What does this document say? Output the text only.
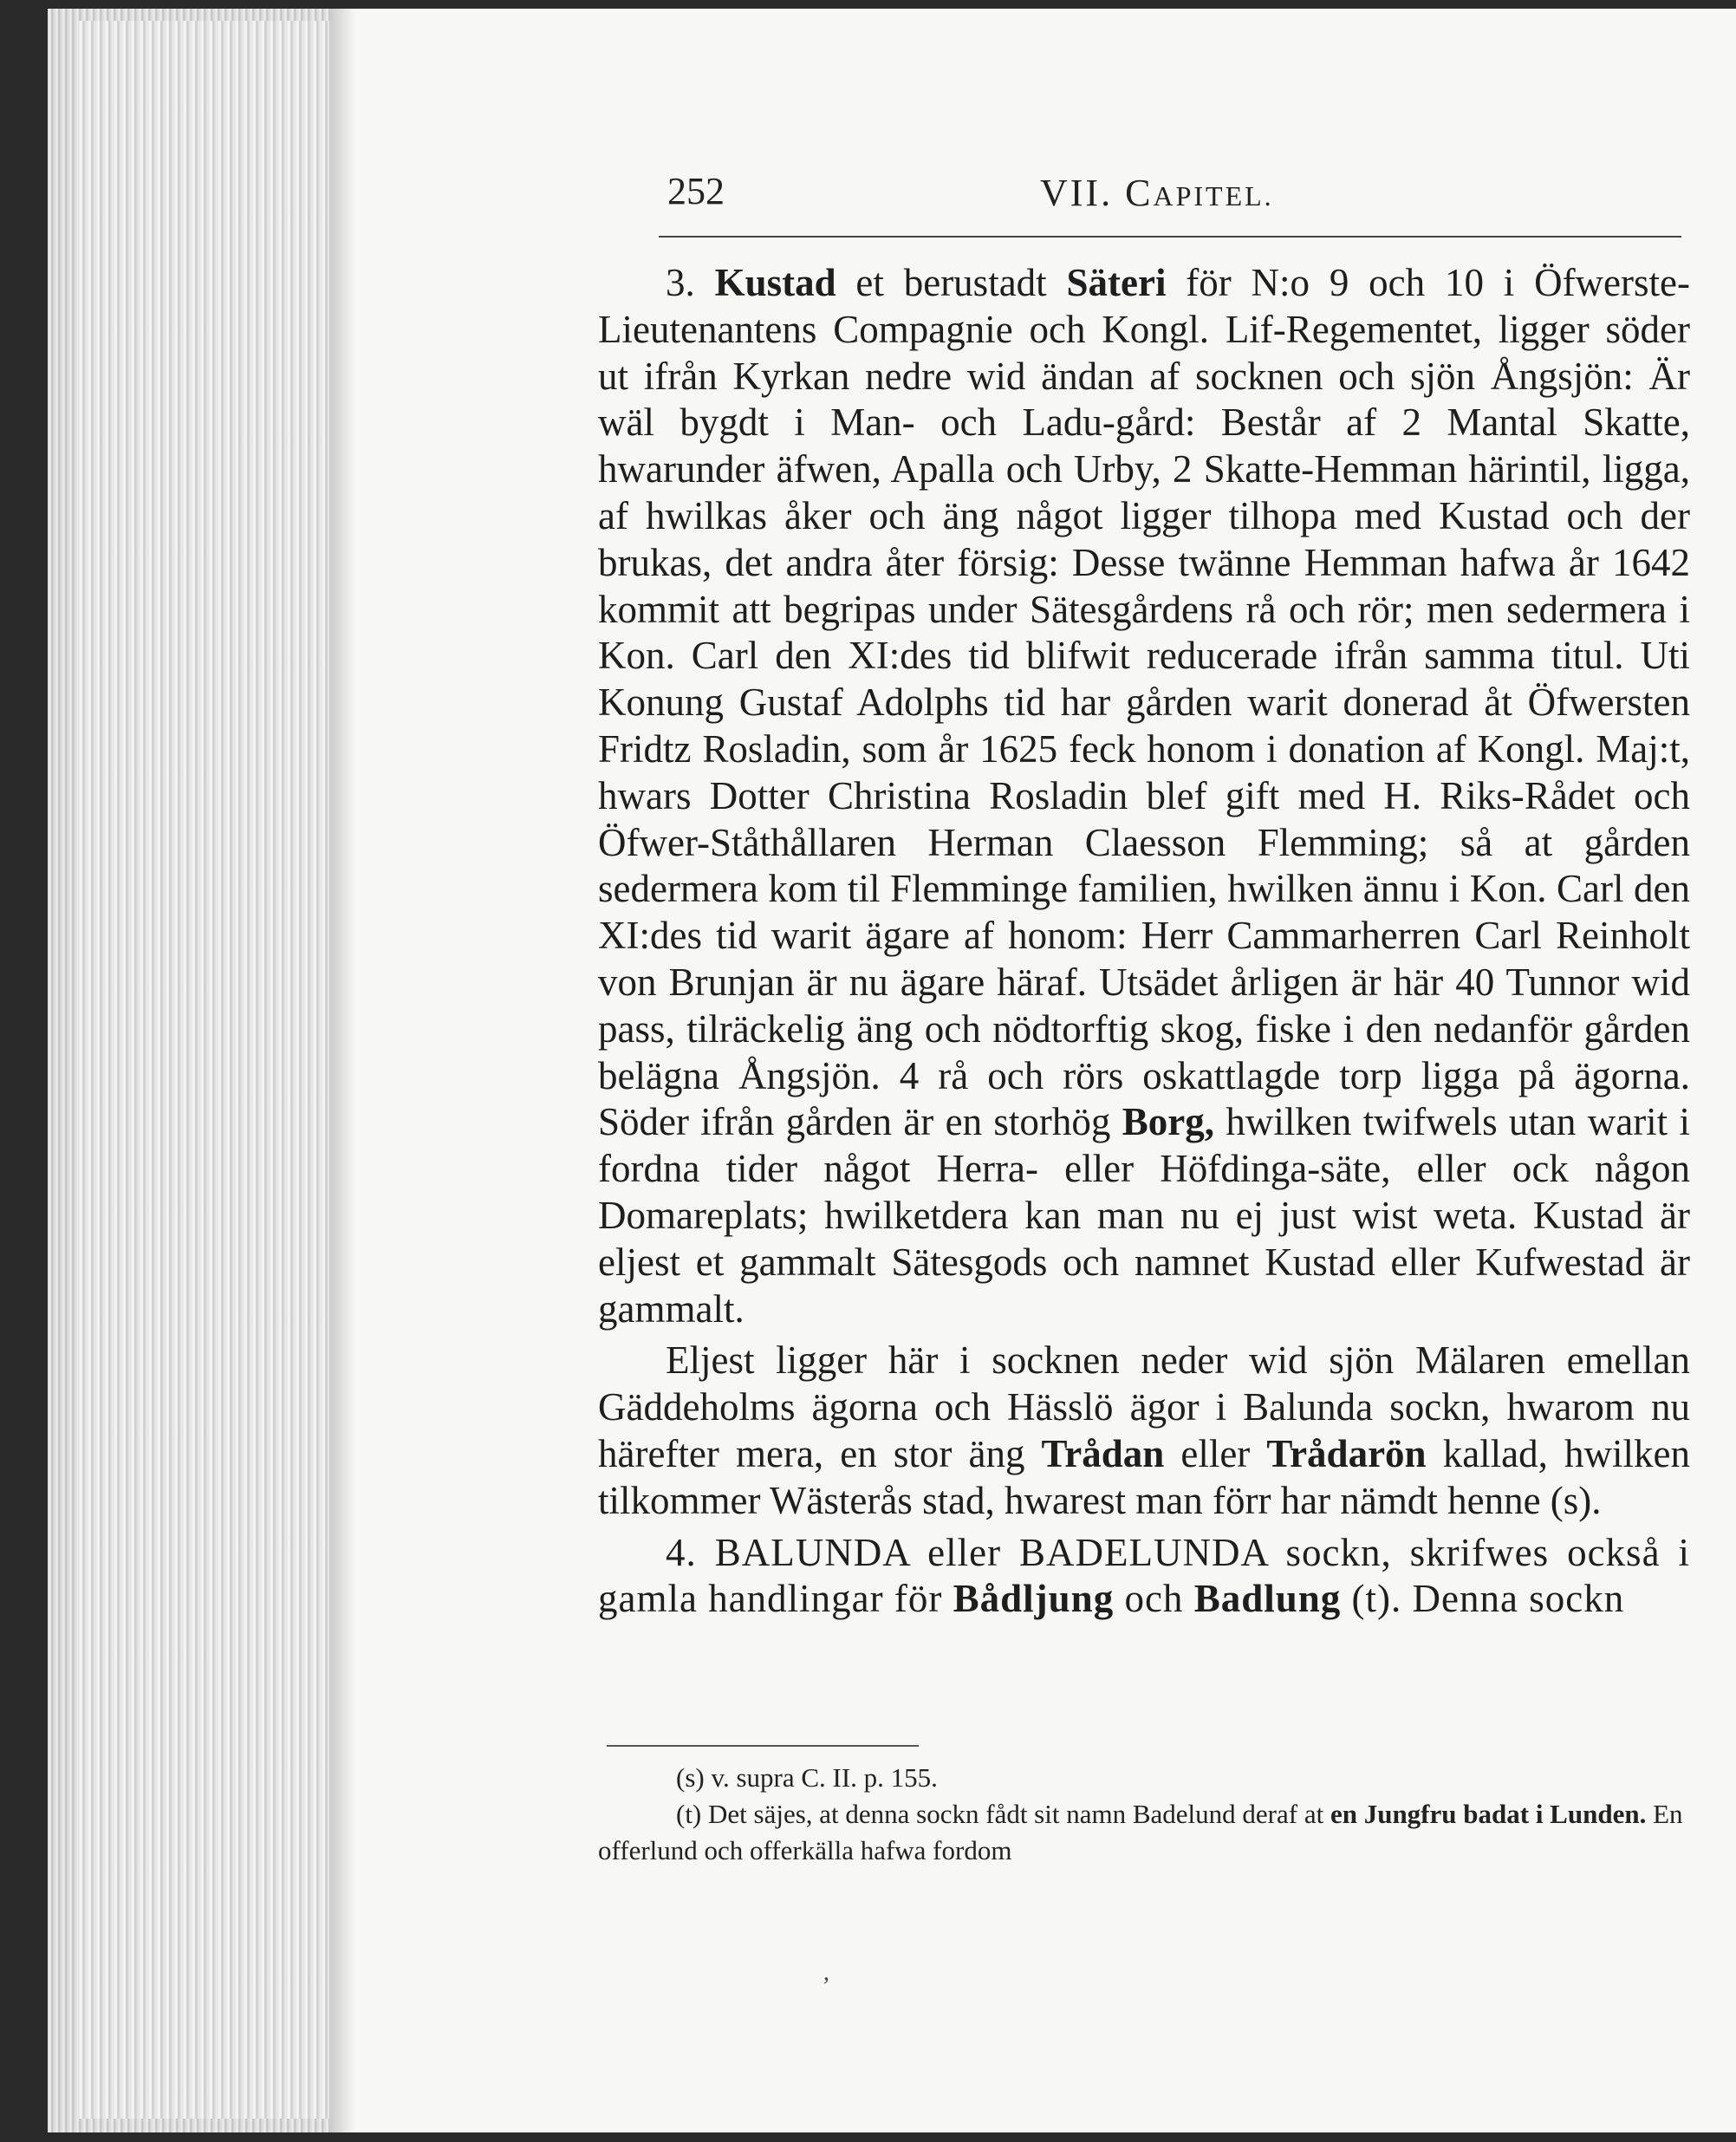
252	VII. CAPITEL.

3. Kustad et berustadt Säteri för N:o 9 och 10 i Öfwerste-Lieutenantens Compagnie och Kongl. Lif-Regementet, ligger söder ut ifrån Kyrkan nedre wid ändan af socknen och sjön Ångsjön: Är wäl bygdt i Man- och Ladu-gård: Består af 2 Mantal Skatte, hwarunder äfwen, Apalla och Urby, 2 Skatte-Hemman härintil, ligga, af hwilkas åker och äng något ligger tilhopa med Kustad och der brukas, det andra åter försig: Desse twänne Hemman hafwa år 1642 kommit att begripas under Sätesgårdens rå och rör; men sedermera i Kon. Carl den XI:des tid blifwit reducerade ifrån samma titul. Uti Konung Gustaf Adolphs tid har gården warit donerad åt Öfwersten Fridtz Rosladin, som år 1625 feck honom i donation af Kongl. Maj:t, hwars Dotter Christina Rosladin blef gift med H. Riks-Rådet och Öfwer-Ståthållaren Herman Claesson Flemming; så at gården sedermera kom til Flemminge familien, hwilken ännu i Kon. Carl den XI:des tid warit ägare af honom: Herr Cammarherren Carl Reinholt von Brunjan är nu ägare häraf. Utsädet årligen är här 40 Tunnor wid pass, tilräckelig äng och nödtorftig skog, fiske i den nedanför gården belägna Ångsjön. 4 rå och rörs oskattlagde torp ligga på ägorna. Söder ifrån gården är en storhög Borg, hwilken twifwels utan warit i fordna tider något Herra- eller Höfdinga-säte, eller ock någon Domareplats; hwilketdera kan man nu ej just wist weta. Kustad är eljest et gammalt Sätesgods och namnet Kustad eller Kufwestad är gammalt.

Eljest ligger här i socknen neder wid sjön Mälaren emellan Gäddeholms ägorna och Hässlö ägor i Balunda sockn, hwarom nu härefter mera, en stor äng Trådan eller Trådarön kallad, hwilken tilkommer Wästerås stad, hwarest man förr har nämdt henne (s).

4. BALUNDA eller BADELUNDA sockn, skrifwes också i gamla handlingar för Bådljung och Badlung (t). Denna sockn

(s) v. supra C. II. p. 155.

(t) Det säjes, at denna sockn fådt sit namn Badelund deraf at en Jungfru badat i Lunden. En offerlund och offerkälla hafwa fordom

,
